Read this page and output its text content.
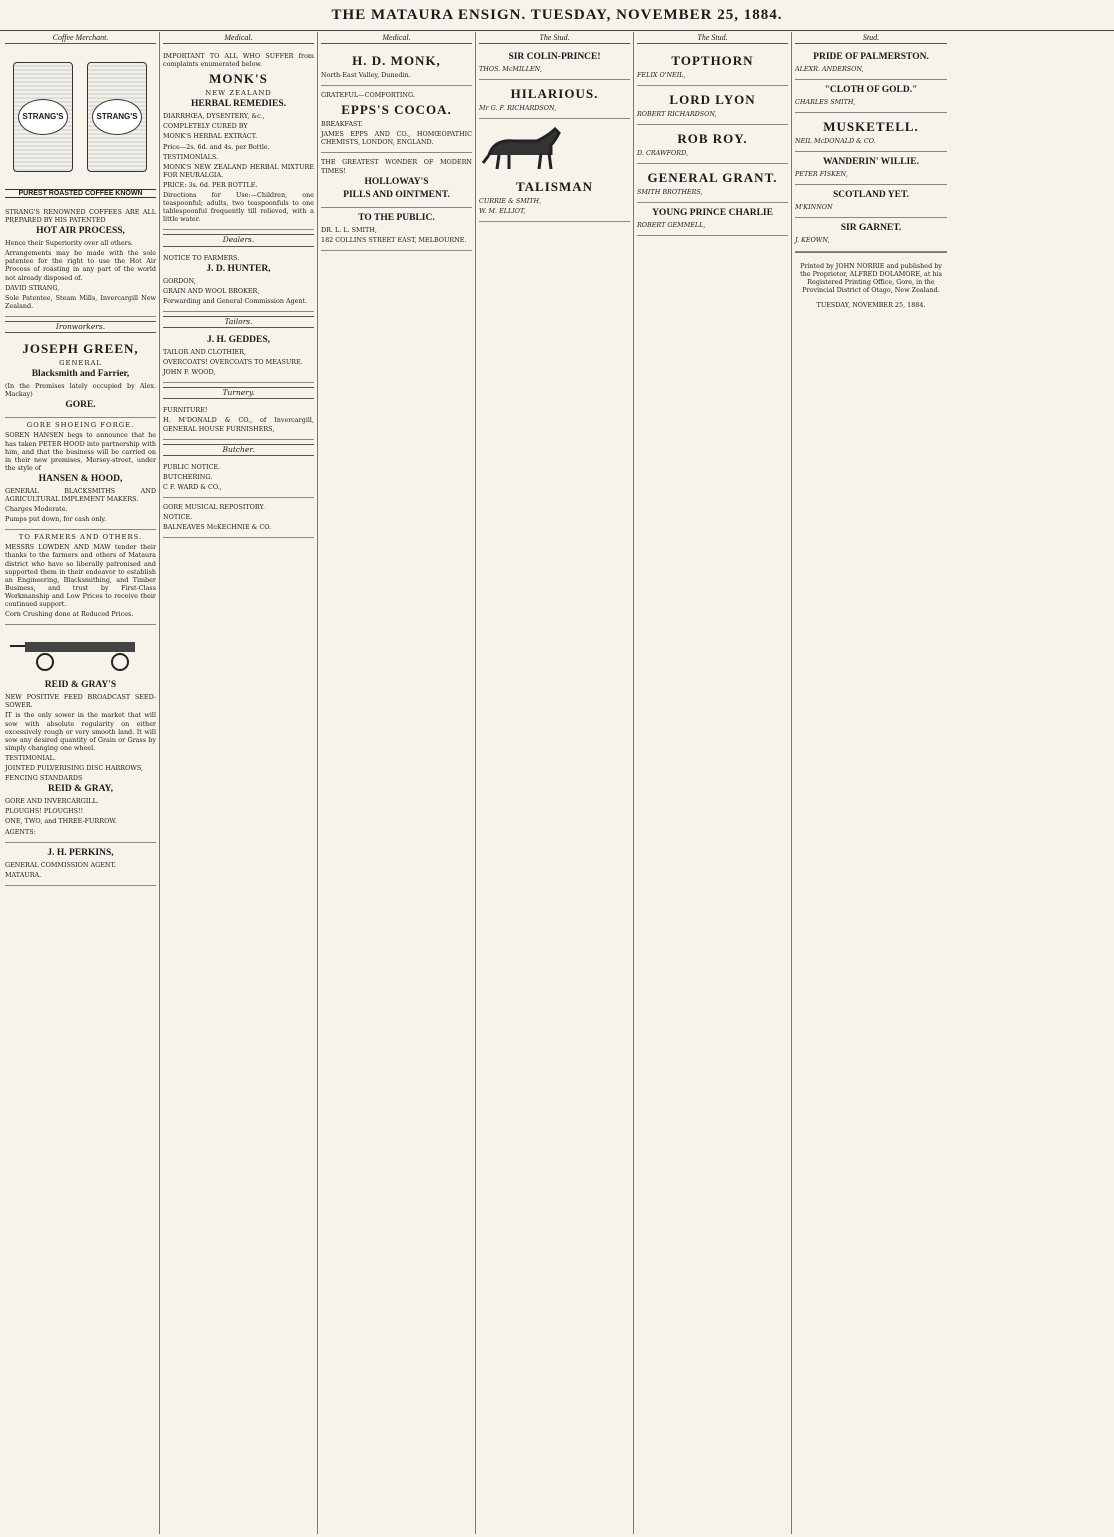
THE MATAURA ENSIGN. TUESDAY, NOVEMBER 25, 1884.
Coffee Merchant.
STRANG'S	STRANG'S
PUREST ROASTED COFFEE KNOWN

STRANG'S RENOWNED COFFEES ARE ALL PREPARED BY HIS PATENTED

HOT AIR PROCESS,

Hence their Superiority over all others.

Arrangements may be made with the sole patentee for the right to use the Hot Air Process of roasting in any part of the world not already disposed of.

DAVID STRANG,

Sole Patentee, Steam Mills, Invercargill New Zealand.

Ironworkers.
JOSEPH GREEN,
GENERAL
Blacksmith and Farrier,

(In the Premises lately occupied by Alex. Mackay)

GORE.
GORE SHOEING FORGE.

SOREN HANSEN begs to announce that he has taken PETER HOOD into partnership with him, and that the business will be carried on in their new premises, Mersey-street, under the style of

HANSEN & HOOD,

GENERAL BLACKSMITHS AND AGRICULTURAL IMPLEMENT MAKERS.

Charges Moderate.

Pumps put down, for cash only.

TO FARMERS AND OTHERS.

MESSRS LOWDEN AND MAW tender their thanks to the farmers and others of Mataura district who have so liberally patronised and supported them in their endeavor to establish an Engineering, Blacksmithing, and Timber Business, and trust by First-Class Workmanship and Low Prices to receive their continued support.

Corn Crushing done at Reduced Prices.

REID & GRAY'S

NEW POSITIVE FEED BROADCAST SEED-SOWER.

IT is the only sower in the market that will sow with absolute regularity on either excessively rough or very smooth land. It will sow any desired quantity of Grain or Grass by simply changing one wheel.

TESTIMONIAL.

JOINTED PULVERISING DISC HARROWS,

FENCING STANDARDS

REID & GRAY,

GORE AND INVERCARGILL.

PLOUGHS! PLOUGHS!!

ONE, TWO, and THREE-FURROW.

AGENTS:

J. H. PERKINS,

GENERAL COMMISSION AGENT.

MATAURA.

Medical.

IMPORTANT TO ALL WHO SUFFER from complaints enumerated below.

MONK'S
NEW ZEALAND
HERBAL REMEDIES.

DIARRHŒA, DYSENTERY, &c.,

COMPLETELY CURED BY

MONK'S HERBAL EXTRACT.

Price—2s. 6d. and 4s. per Bottle.

TESTIMONIALS.

MONK'S NEW ZEALAND HERBAL MIXTURE FOR NEURALGIA.

PRICE: 3s. 6d. PER BOTTLE.

Directions for Use:—Children, one teaspoonful; adults, two teaspoonfuls to one tablespoonful frequently till relieved, with a little water.

Dealers.

NOTICE TO FARMERS.

J. D. HUNTER,

GORDON,

GRAIN AND WOOL BROKER,

Forwarding and General Commission Agent.

Tailors.
J. H. GEDDES,

TAILOR AND CLOTHIER,

OVERCOATS! OVERCOATS TO MEASURE.

JOHN F. WOOD,

Turnery.

FURNITURE!

H. M'DONALD & CO., of Invercargill, GENERAL HOUSE FURNISHERS,

Butcher.

PUBLIC NOTICE.

BUTCHERING.

C F. WARD & CO.,

GORE MUSICAL REPOSITORY.

NOTICE.

BALNEAVES McKECHNIE & CO.

Medical.
H. D. MONK,

North-East Valley, Dunedin.

GRATEFUL—COMFORTING.

EPPS'S COCOA.

BREAKFAST.

JAMES EPPS AND CO., HOMŒOPATHIC CHEMISTS, LONDON, ENGLAND.

THE GREATEST WONDER OF MODERN TIMES!

HOLLOWAY'S
PILLS AND OINTMENT.
TO THE PUBLIC.

DR. L. L. SMITH,

182 COLLINS STREET EAST, MELBOURNE.

The Stud.
SIR COLIN-PRINCE!

THOS. McMILLEN,

HILARIOUS.

Mr G. F. RICHARDSON,

TALISMAN

CURRIE & SMITH,

W. M. ELLIOT,

The Stud.
TOPTHORN

FELIX O'NEIL,

LORD LYON

ROBERT RICHARDSON,

ROB ROY.

D. CRAWFORD,

GENERAL GRANT.

SMITH BROTHERS,

YOUNG PRINCE CHARLIE

ROBERT GEMMELL,

Stud.
PRIDE OF PALMERSTON.

ALEXR. ANDERSON,

"CLOTH OF GOLD."

CHARLES SMITH,

MUSKETELL.

NEIL McDONALD & CO.

WANDERIN' WILLIE.

PETER FISKEN,

SCOTLAND YET.

M'KINNON

SIR GARNET.

J. KEOWN,

Printed by JOHN NORRIE and published by the Proprietor, ALFRED DOLAMORE, at his Registered Printing Office, Gore, in the Provincial District of Otago, New Zealand.

TUESDAY, NOVEMBER 25, 1884.
